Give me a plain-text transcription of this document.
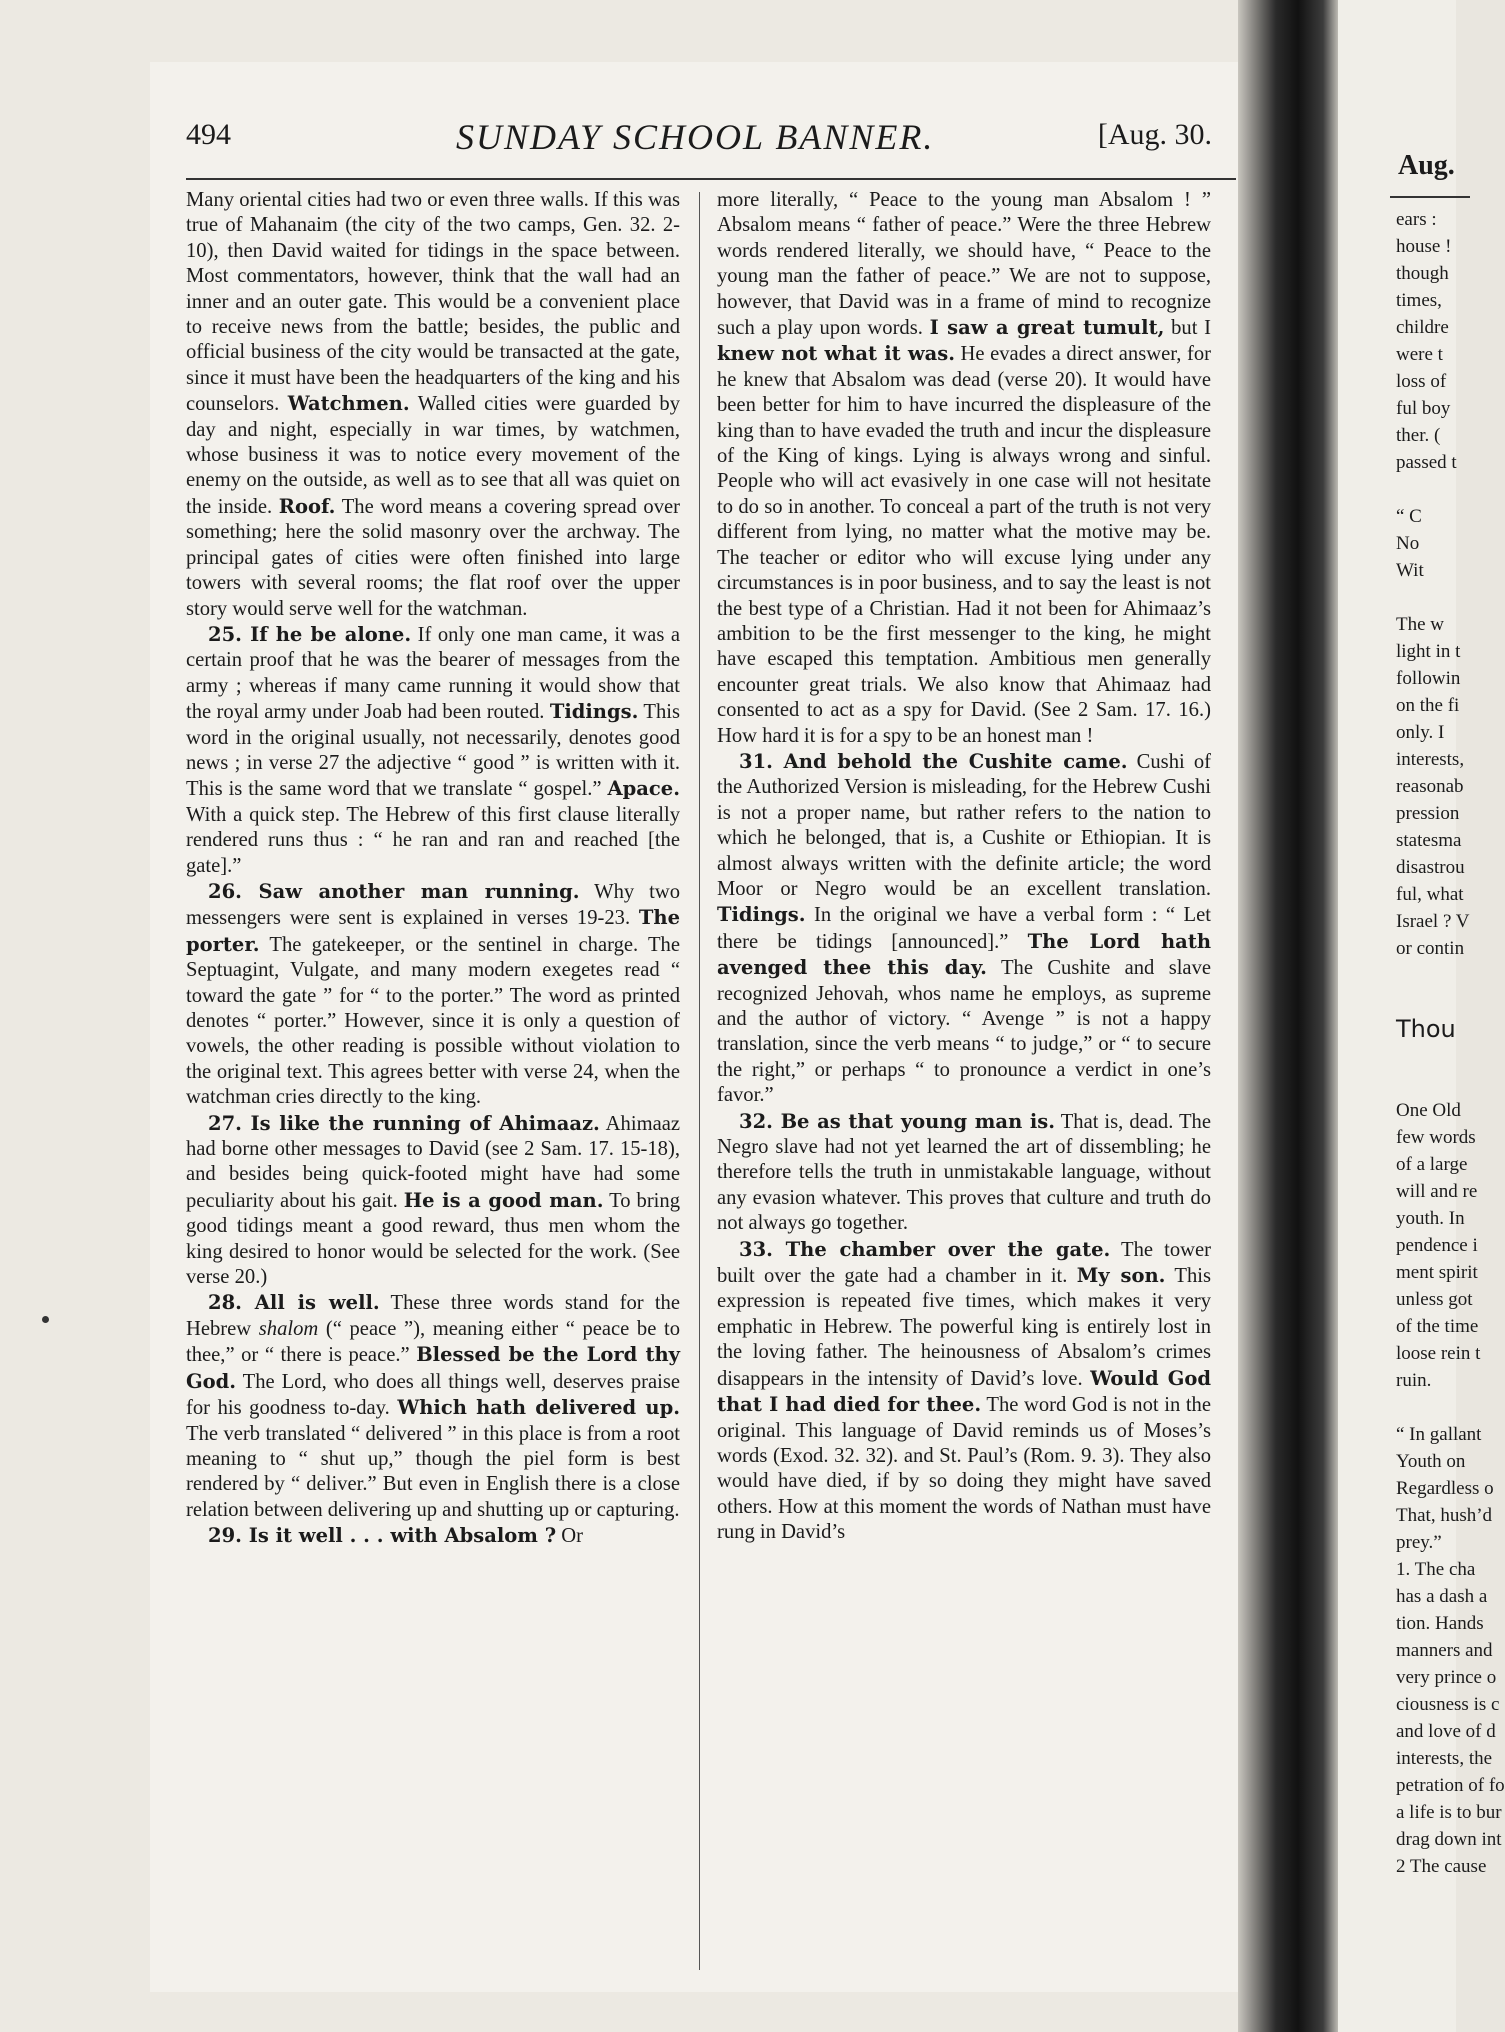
Aug.
ears :
house !
though
times,
childre
were t
loss of
ful boy
ther. (
passed t
“ C
No
Wit
The w
light in t
followin
on the fi
only. I
interests,
reasonab
pression
statesma
disastrou
ful, what
Israel ? V
or contin
Thou
One Old
few words
of a large
will and re
youth. In
pendence i
ment spirit
unless got
of the time
loose rein t
ruin.
“ In gallant
Youth on
Regardless o
That, hush’d
prey.”
1. The cha
has a dash a
tion. Hands
manners and
very prince o
ciousness is c
and love of d
interests, the
petration of fo
a life is to bur
drag down int
2 The cause
494	SUNDAY SCHOOL BANNER.	[Aug. 30.

Many oriental cities had two or even three walls. If this was true of Mahanaim (the city of the two camps, Gen. 32. 2-10), then David waited for tidings in the space between. Most commentators, however, think that the wall had an inner and an outer gate. This would be a convenient place to receive news from the battle; besides, the public and official business of the city would be transacted at the gate, since it must have been the headquarters of the king and his counselors. Watchmen. Walled cities were guarded by day and night, especially in war times, by watchmen, whose business it was to notice every movement of the enemy on the outside, as well as to see that all was quiet on the inside. Roof. The word means a covering spread over something; here the solid masonry over the archway. The principal gates of cities were often finished into large towers with several rooms; the flat roof over the upper story would serve well for the watchman.

25. If he be alone. If only one man came, it was a certain proof that he was the bearer of messages from the army ; whereas if many came running it would show that the royal army under Joab had been routed. Tidings. This word in the original usually, not necessarily, denotes good news ; in verse 27 the adjective “ good ” is written with it. This is the same word that we translate “ gospel.” Apace. With a quick step. The Hebrew of this first clause literally rendered runs thus : “ he ran and ran and reached [the gate].”

26. Saw another man running. Why two messengers were sent is explained in verses 19-23. The porter. The gatekeeper, or the sentinel in charge. The Septuagint, Vulgate, and many modern exegetes read “ toward the gate ” for “ to the porter.” The word as printed denotes “ porter.” However, since it is only a question of vowels, the other reading is possible without violation to the original text. This agrees better with verse 24, when the watchman cries directly to the king.

27. Is like the running of Ahimaaz. Ahimaaz had borne other messages to David (see 2 Sam. 17. 15-18), and besides being quick-footed might have had some peculiarity about his gait. He is a good man. To bring good tidings meant a good reward, thus men whom the king desired to honor would be selected for the work. (See verse 20.)

28. All is well. These three words stand for the Hebrew shalom (“ peace ”), meaning either “ peace be to thee,” or “ there is peace.” Blessed be the Lord thy God. The Lord, who does all things well, deserves praise for his goodness to-day. Which hath delivered up. The verb translated “ delivered ” in this place is from a root meaning to “ shut up,” though the piel form is best rendered by “ deliver.” But even in English there is a close relation between delivering up and shutting up or capturing.

29. Is it well . . . with Absalom ? Or

more literally, “ Peace to the young man Absalom ! ” Absalom means “ father of peace.” Were the three Hebrew words rendered literally, we should have, “ Peace to the young man the father of peace.” We are not to suppose, however, that David was in a frame of mind to recognize such a play upon words. I saw a great tumult, but I knew not what it was. He evades a direct answer, for he knew that Absalom was dead (verse 20). It would have been better for him to have incurred the displeasure of the king than to have evaded the truth and incur the displeasure of the King of kings. Lying is always wrong and sinful. People who will act evasively in one case will not hesitate to do so in another. To conceal a part of the truth is not very different from lying, no matter what the motive may be. The teacher or editor who will excuse lying under any circumstances is in poor business, and to say the least is not the best type of a Christian. Had it not been for Ahimaaz’s ambition to be the first messenger to the king, he might have escaped this temptation. Ambitious men generally encounter great trials. We also know that Ahimaaz had consented to act as a spy for David. (See 2 Sam. 17. 16.) How hard it is for a spy to be an honest man !

31. And behold the Cushite came. Cushi of the Authorized Version is misleading, for the Hebrew Cushi is not a proper name, but rather refers to the nation to which he belonged, that is, a Cushite or Ethiopian. It is almost always written with the definite article; the word Moor or Negro would be an excellent translation. Tidings. In the original we have a verbal form : “ Let there be tidings [announced].” The Lord hath avenged thee this day. The Cushite and slave recognized Jehovah, whos name he employs, as supreme and the author of victory. “ Avenge ” is not a happy translation, since the verb means “ to judge,” or “ to secure the right,” or perhaps “ to pronounce a verdict in one’s favor.”

32. Be as that young man is. That is, dead. The Negro slave had not yet learned the art of dissembling; he therefore tells the truth in unmistakable language, without any evasion whatever. This proves that culture and truth do not always go together.

33. The chamber over the gate. The tower built over the gate had a chamber in it. My son. This expression is repeated five times, which makes it very emphatic in Hebrew. The powerful king is entirely lost in the loving father. The heinousness of Absalom’s crimes disappears in the intensity of David’s love. Would God that I had died for thee. The word God is not in the original. This language of David reminds us of Moses’s words (Exod. 32. 32). and St. Paul’s (Rom. 9. 3). They also would have died, if by so doing they might have saved others. How at this moment the words of Nathan must have rung in David’s
